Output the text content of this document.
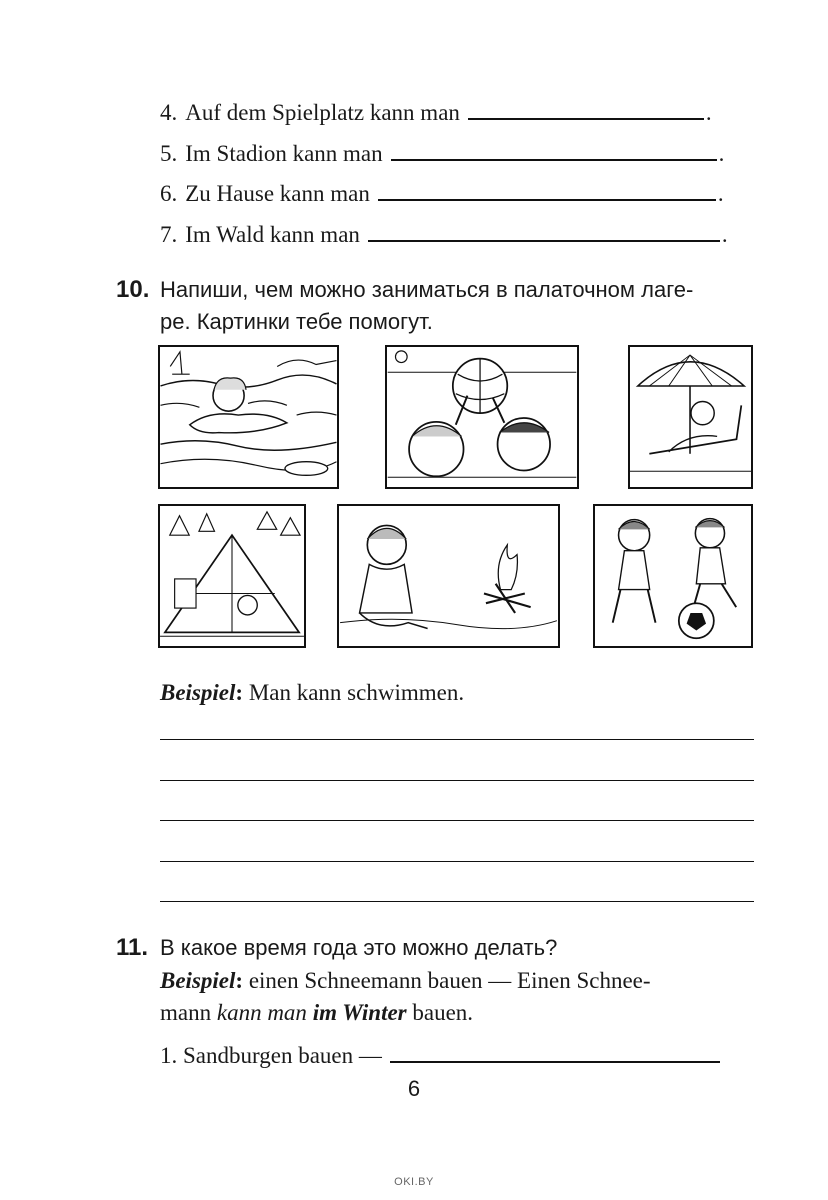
4. Auf dem Spielplatz kann man	.
5. Im Stadion kann man	.
6. Zu Hause kann man	.
7. Im Wald kann man	.
10. Напиши, чем можно заниматься в палаточном лаге-
ре. Картинки тебе помогут.
Beispiel: Man kann schwimmen.
11. В какое время года это можно делать?
Beispiel: einen Schneemann bauen — Einen Schnee-
mann kann man im Winter bauen.
1. Sandburgen bauen —
6
OKI.BY
